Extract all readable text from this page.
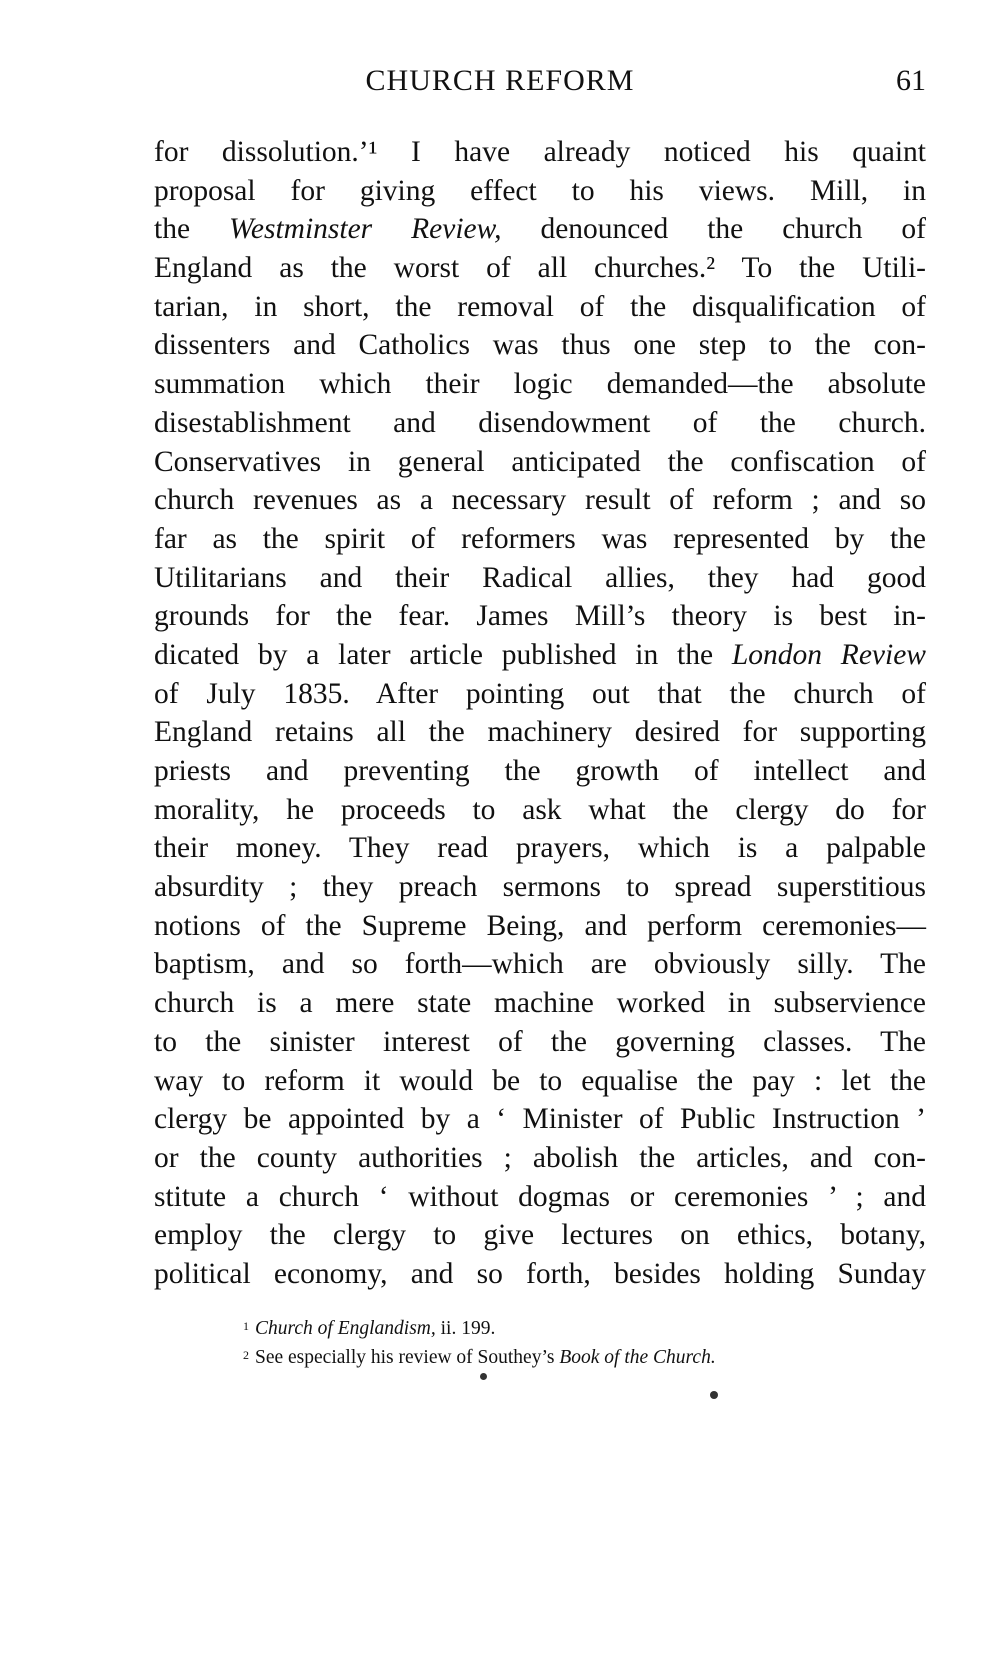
CHURCH REFORM	61
for dissolution.’¹ I have already noticed his quaint
proposal for giving effect to his views. Mill, in
the Westminster Review, denounced the church of
England as the worst of all churches.² To the Utili-
tarian, in short, the removal of the disqualification of
dissenters and Catholics was thus one step to the con-
summation which their logic demanded—the absolute
disestablishment and disendowment of the church.
Conservatives in general anticipated the confiscation of
church revenues as a necessary result of reform ; and so
far as the spirit of reformers was represented by the
Utilitarians and their Radical allies, they had good
grounds for the fear. James Mill’s theory is best in-
dicated by a later article published in the London Review
of July 1835. After pointing out that the church of
England retains all the machinery desired for supporting
priests and preventing the growth of intellect and
morality, he proceeds to ask what the clergy do for
their money. They read prayers, which is a palpable
absurdity ; they preach sermons to spread superstitious
notions of the Supreme Being, and perform ceremonies—
baptism, and so forth—which are obviously silly. The
church is a mere state machine worked in subservience
to the sinister interest of the governing classes. The
way to reform it would be to equalise the pay : let the
clergy be appointed by a ‘ Minister of Public Instruction ’
or the county authorities ; abolish the articles, and con-
stitute a church ‘ without dogmas or ceremonies ’ ; and
employ the clergy to give lectures on ethics, botany,
political economy, and so forth, besides holding Sunday
$^1$ Church of Englandism, ii. 199.
$^2$ See especially his review of Southey’s Book of the Church.
